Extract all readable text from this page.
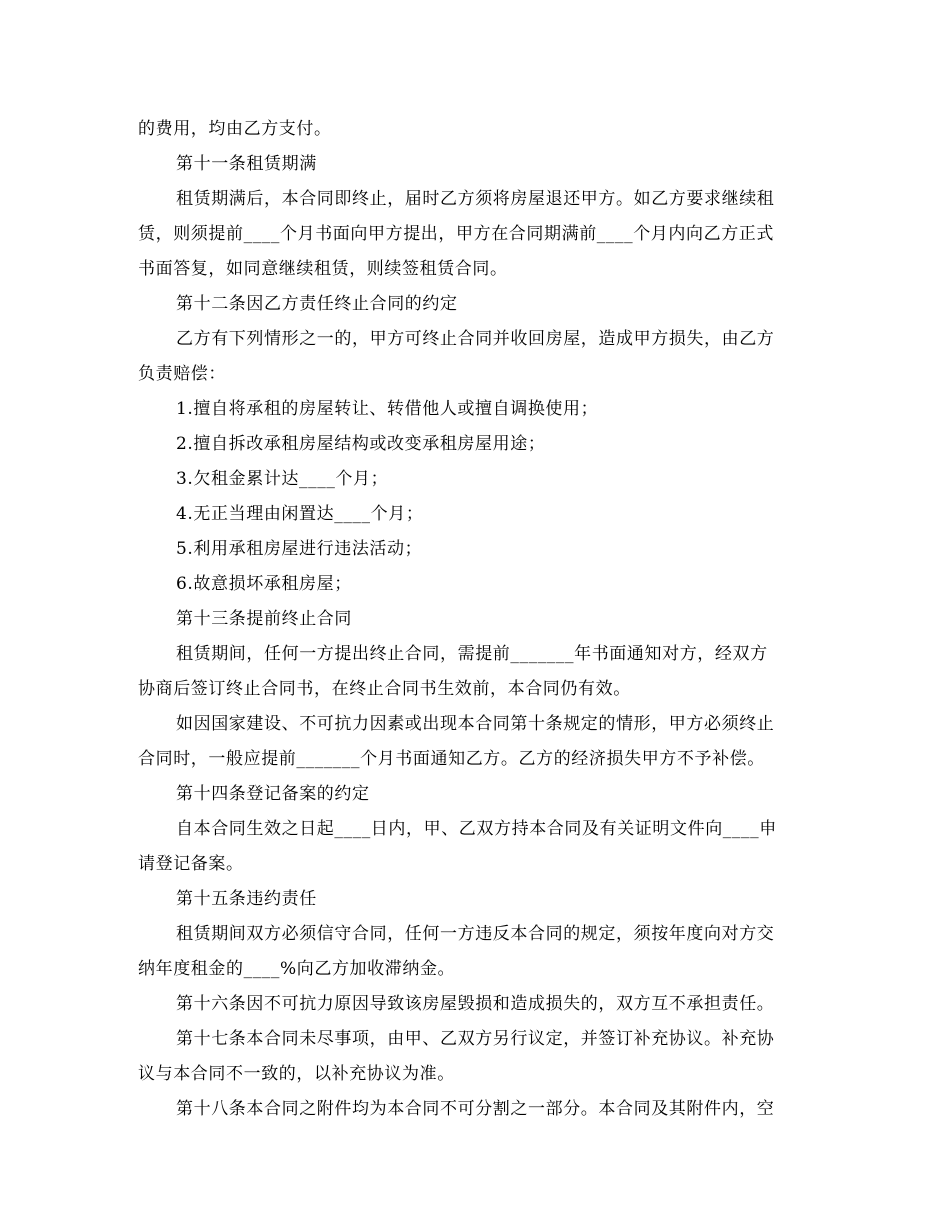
的费用，均由乙方支付。
第十一条租赁期满
租赁期满后，本合同即终止，届时乙方须将房屋退还甲方。如乙方要求继续租
赁，则须提前____个月书面向甲方提出，甲方在合同期满前____个月内向乙方正式
书面答复，如同意继续租赁，则续签租赁合同。
第十二条因乙方责任终止合同的约定
乙方有下列情形之一的，甲方可终止合同并收回房屋，造成甲方损失，由乙方
负责赔偿：
1.擅自将承租的房屋转让、转借他人或擅自调换使用；
2.擅自拆改承租房屋结构或改变承租房屋用途；
3.欠租金累计达____个月；
4.无正当理由闲置达____个月；
5.利用承租房屋进行违法活动；
6.故意损坏承租房屋；
第十三条提前终止合同
租赁期间，任何一方提出终止合同，需提前_______年书面通知对方，经双方
协商后签订终止合同书，在终止合同书生效前，本合同仍有效。
如因国家建设、不可抗力因素或出现本合同第十条规定的情形，甲方必须终止
合同时，一般应提前_______个月书面通知乙方。乙方的经济损失甲方不予补偿。
第十四条登记备案的约定
自本合同生效之日起____日内，甲、乙双方持本合同及有关证明文件向____申
请登记备案。
第十五条违约责任
租赁期间双方必须信守合同，任何一方违反本合同的规定，须按年度向对方交
纳年度租金的____%向乙方加收滞纳金。
第十六条因不可抗力原因导致该房屋毁损和造成损失的，双方互不承担责任。
第十七条本合同未尽事项，由甲、乙双方另行议定，并签订补充协议。补充协
议与本合同不一致的，以补充协议为准。
第十八条本合同之附件均为本合同不可分割之一部分。本合同及其附件内，空
